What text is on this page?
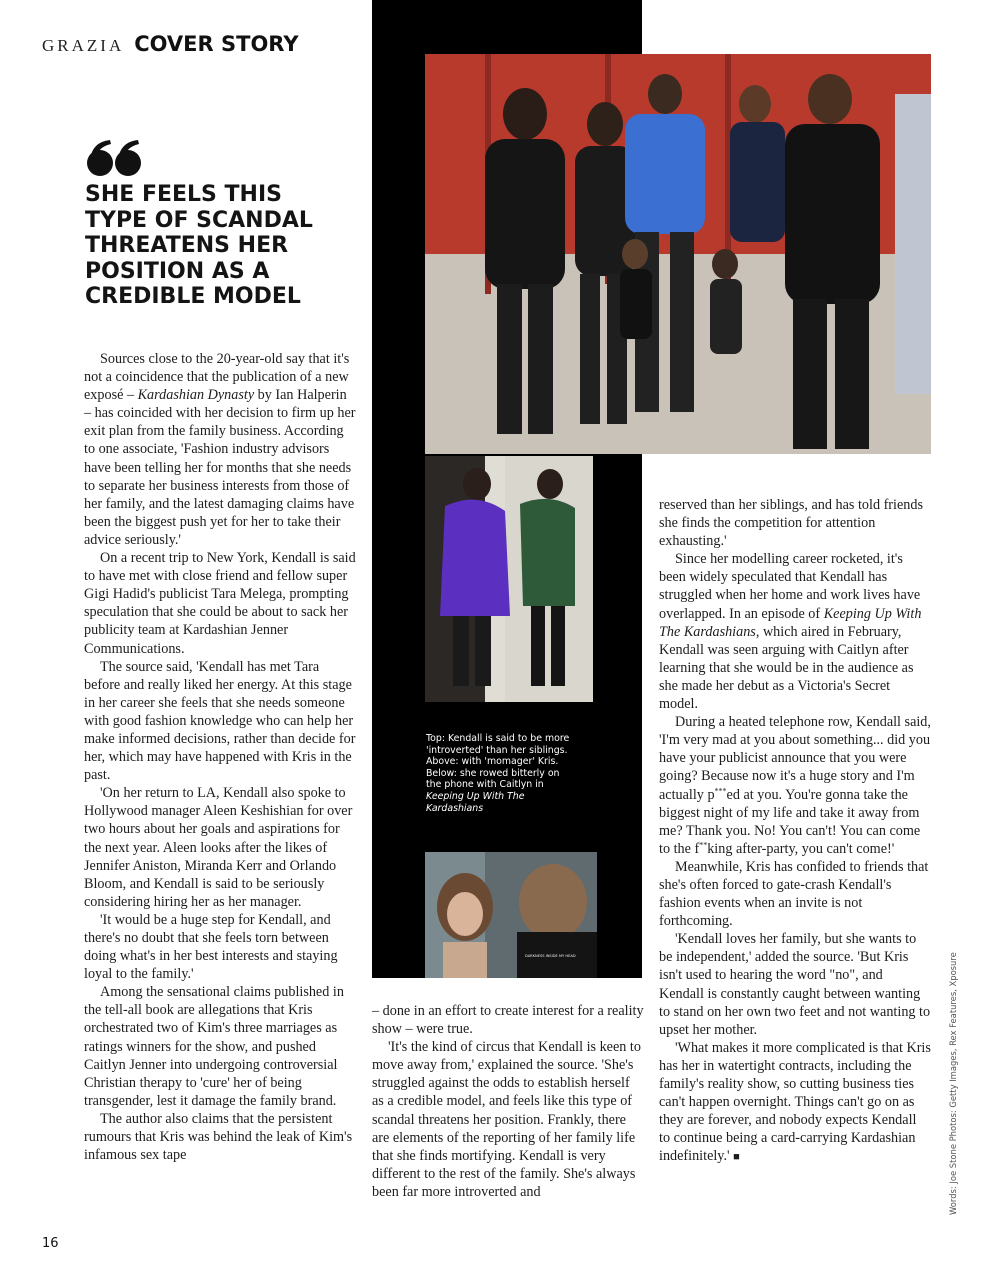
GRAZIA COVER STORY
SHE FEELS THIS TYPE OF SCANDAL THREATENS HER POSITION AS A CREDIBLE MODEL
Top: Kendall is said to be more 'introverted' than her siblings. Above: with 'momager' Kris. Below: she rowed bitterly on the phone with Caitlyn in Keeping Up With The Kardashians
DARKNESS INSIDE MY HEAD

Sources close to the 20-year-old say that it's not a coincidence that the publication of a new exposé – Kardashian Dynasty by Ian Halperin – has coincided with her decision to firm up her exit plan from the family business. According to one associate, 'Fashion industry advisors have been telling her for months that she needs to separate her business interests from those of her family, and the latest damaging claims have been the biggest push yet for her to take their advice seriously.'

On a recent trip to New York, Kendall is said to have met with close friend and fellow super Gigi Hadid's publicist Tara Melega, prompting speculation that she could be about to sack her publicity team at Kardashian Jenner Communications.

The source said, 'Kendall has met Tara before and really liked her energy. At this stage in her career she feels that she needs someone with good fashion knowledge who can help her make informed decisions, rather than decide for her, which may have happened with Kris in the past.

'On her return to LA, Kendall also spoke to Hollywood manager Aleen Keshishian for over two hours about her goals and aspirations for the next year. Aleen looks after the likes of Jennifer Aniston, Miranda Kerr and Orlando Bloom, and Kendall is said to be seriously considering hiring her as her manager.

'It would be a huge step for Kendall, and there's no doubt that she feels torn between doing what's in her best interests and staying loyal to the family.'

Among the sensational claims published in the tell-all book are allegations that Kris orchestrated two of Kim's three marriages as ratings winners for the show, and pushed Caitlyn Jenner into undergoing controversial Christian therapy to 'cure' her of being transgender, lest it damage the family brand.

The author also claims that the persistent rumours that Kris was behind the leak of Kim's infamous sex tape

– done in an effort to create interest for a reality show – were true.

'It's the kind of circus that Kendall is keen to move away from,' explained the source. 'She's struggled against the odds to establish herself as a credible model, and feels like this type of scandal threatens her position. Frankly, there are elements of the reporting of her family life that she finds mortifying. Kendall is very different to the rest of the family. She's always been far more introverted and

reserved than her siblings, and has told friends she finds the competition for attention exhausting.'

Since her modelling career rocketed, it's been widely speculated that Kendall has struggled when her home and work lives have overlapped. In an episode of Keeping Up With The Kardashians, which aired in February, Kendall was seen arguing with Caitlyn after learning that she would be in the audience as she made her debut as a Victoria's Secret model.

During a heated telephone row, Kendall said, 'I'm very mad at you about something... did you have your publicist announce that you were going? Because now it's a huge story and I'm actually p***ed at you. You're gonna take the biggest night of my life and take it away from me? Thank you. No! You can't! You can come to the f**king after-party, you can't come!'

Meanwhile, Kris has confided to friends that she's often forced to gate-crash Kendall's fashion events when an invite is not forthcoming.

'Kendall loves her family, but she wants to be independent,' added the source. 'But Kris isn't used to hearing the word "no", and Kendall is constantly caught between wanting to stand on her own two feet and not wanting to upset her mother.

'What makes it more complicated is that Kris has her in watertight contracts, including the family's reality show, so cutting business ties can't happen overnight. Things can't go on as they are forever, and nobody expects Kendall to continue being a card-carrying Kardashian indefinitely.' ■	Words: Joe Stone Photos: Getty Images, Rex Features, Xposure
16
